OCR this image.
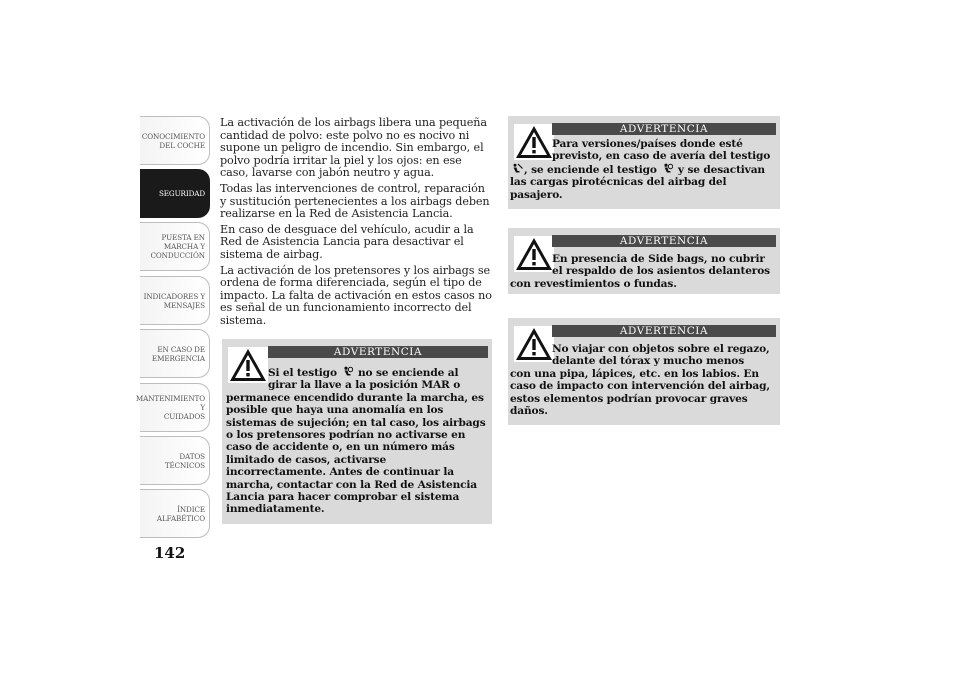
CONOCIMIENTO
DEL COCHE
SEGURIDAD
PUESTA EN
MARCHA Y
CONDUCCIÓN
INDICADORES Y
MENSAJES
EN CASO DE
EMERGENCIA
MANTENIMIENTO Y
CUIDADOS
DATOS TÉCNICOS
ÍNDICE
ALFABÉTICO
142

La activación de los airbags libera una pequeña cantidad de polvo: este polvo no es nocivo ni supone un peligro de incendio. Sin embargo, el polvo podría irritar la piel y los ojos: en ese caso, lavarse con jabón neutro y agua.

Todas las intervenciones de control, reparación y sustitución pertenecientes a los airbags deben realizarse en la Red de Asistencia Lancia.

En caso de desguace del vehículo, acudir a la Red de Asistencia Lancia para desactivar el sistema de airbag.

La activación de los pretensores y los airbags se ordena de forma diferenciada, según el tipo de impacto. La falta de activación en estos casos no es señal de un funcionamiento incorrecto del sistema.

ADVERTENCIA
Si el testigo no se enciende al girar la llave a la posición MAR o
permanece encendido durante la marcha, es posible que haya una anomalía en los sistemas de sujeción; en tal caso, los airbags o los pretensores podrían no activarse en caso de accidente o, en un número más limitado de casos, activarse incorrectamente. Antes de continuar la marcha, contactar con la Red de Asistencia Lancia para hacer comprobar el sistema inmediatamente.
ADVERTENCIA
Para versiones/países donde esté previsto, en caso de avería del testigo
, se enciende el testigo y se desactivan las cargas pirotécnicas del airbag del pasajero.
ADVERTENCIA
En presencia de Side bags, no cubrir el respaldo de los asientos delanteros
con revestimientos o fundas.
ADVERTENCIA
No viajar con objetos sobre el regazo, delante del tórax y mucho menos
con una pipa, lápices, etc. en los labios. En caso de impacto con intervención del airbag, estos elementos podrían provocar graves daños.
